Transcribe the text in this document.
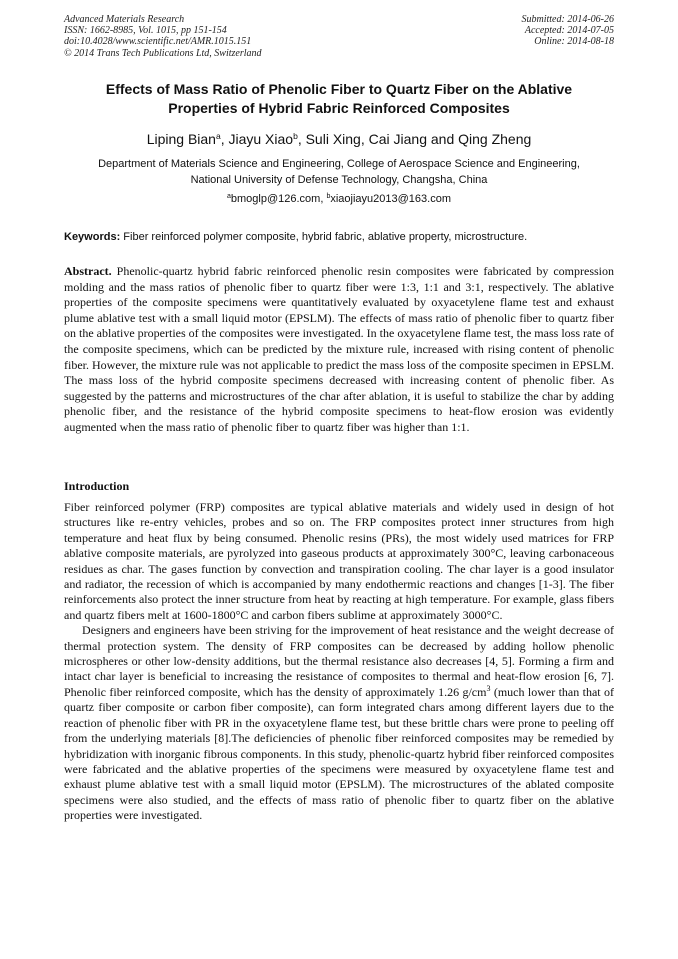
Advanced Materials Research
ISSN: 1662-8985, Vol. 1015, pp 151-154
doi:10.4028/www.scientific.net/AMR.1015.151
© 2014 Trans Tech Publications Ltd, Switzerland
Submitted: 2014-06-26
Accepted: 2014-07-05
Online: 2014-08-18
Effects of Mass Ratio of Phenolic Fiber to Quartz Fiber on the Ablative
Properties of Hybrid Fabric Reinforced Composites
Liping Bian$^a$, Jiayu Xiao$^b$, Suli Xing, Cai Jiang and Qing Zheng
Department of Materials Science and Engineering, College of Aerospace Science and Engineering,
National University of Defense Technology, Changsha, China
$^a$bmoglp@126.com, $^b$xiaojiayu2013@163.com
Keywords: Fiber reinforced polymer composite, hybrid fabric, ablative property, microstructure.
Abstract. Phenolic-quartz hybrid fabric reinforced phenolic resin composites were fabricated by compression molding and the mass ratios of phenolic fiber to quartz fiber were 1:3, 1:1 and 3:1, respectively. The ablative properties of the composite specimens were quantitatively evaluated by oxyacetylene flame test and exhaust plume ablative test with a small liquid motor (EPSLM). The effects of mass ratio of phenolic fiber to quartz fiber on the ablative properties of the composites were investigated. In the oxyacetylene flame test, the mass loss rate of the composite specimens, which can be predicted by the mixture rule, increased with rising content of phenolic fiber. However, the mixture rule was not applicable to predict the mass loss of the composite specimen in EPSLM. The mass loss of the hybrid composite specimens decreased with increasing content of phenolic fiber. As suggested by the patterns and microstructures of the char after ablation, it is useful to stabilize the char by adding phenolic fiber, and the resistance of the hybrid composite specimens to heat-flow erosion was evidently augmented when the mass ratio of phenolic fiber to quartz fiber was higher than 1:1.
Introduction

Fiber reinforced polymer (FRP) composites are typical ablative materials and widely used in design of hot structures like re-entry vehicles, probes and so on. The FRP composites protect inner structures from high temperature and heat flux by being consumed. Phenolic resins (PRs), the most widely used matrices for FRP ablative composite materials, are pyrolyzed into gaseous products at approximately 300°C, leaving carbonaceous residues as char. The gases function by convection and transpiration cooling. The char layer is a good insulator and radiator, the recession of which is accompanied by many endothermic reactions and changes [1-3]. The fiber reinforcements also protect the inner structure from heat by reacting at high temperature. For example, glass fibers and quartz fibers melt at 1600-1800°C and carbon fibers sublime at approximately 3000°C.

Designers and engineers have been striving for the improvement of heat resistance and the weight decrease of thermal protection system. The density of FRP composites can be decreased by adding hollow phenolic microspheres or other low-density additions, but the thermal resistance also decreases [4, 5]. Forming a firm and intact char layer is beneficial to increasing the resistance of composites to thermal and heat-flow erosion [6, 7]. Phenolic fiber reinforced composite, which has the density of approximately 1.26 $g/cm^3$ (much lower than that of quartz fiber composite or carbon fiber composite), can form integrated chars among different layers due to the reaction of phenolic fiber with PR in the oxyacetylene flame test, but these brittle chars were prone to peeling off from the underlying materials [8].The deficiencies of phenolic fiber reinforced composites may be remedied by hybridization with inorganic fibrous components. In this study, phenolic-quartz hybrid fiber reinforced composites were fabricated and the ablative properties of the specimens were measured by oxyacetylene flame test and exhaust plume ablative test with a small liquid motor (EPSLM). The microstructures of the ablated composite specimens were also studied, and the effects of mass ratio of phenolic fiber to quartz fiber on the ablative properties were investigated.
